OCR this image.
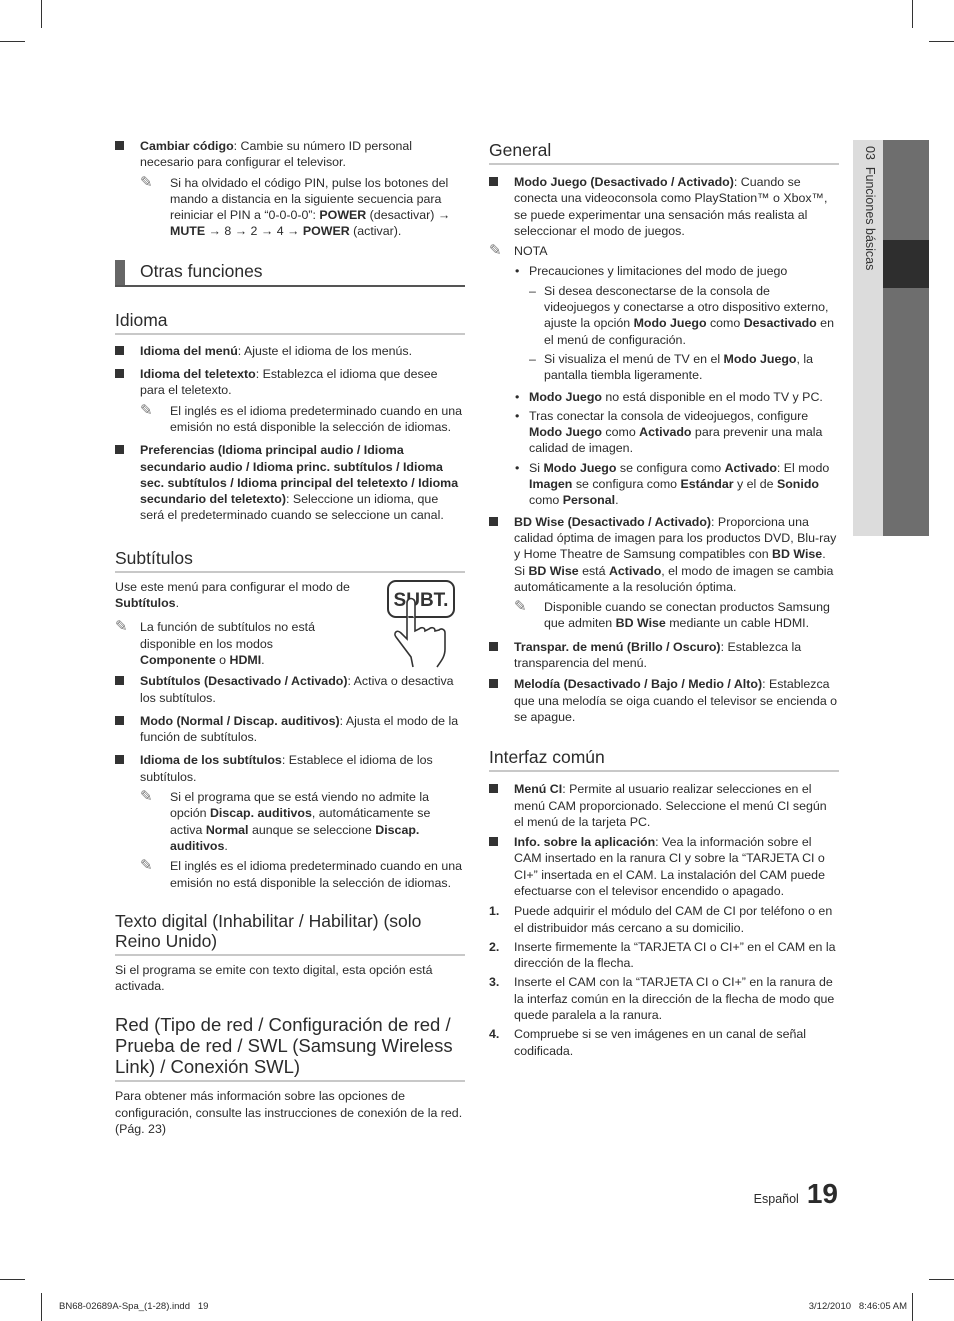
03  Funciones básicas
Cambiar código: Cambie su número ID personal necesario para configurar el televisor.
✎ Si ha olvidado el código PIN, pulse los botones del mando a distancia en la siguiente secuencia para reiniciar el PIN a “0-0-0-0”: POWER (desactivar) → MUTE → 8 → 2 → 4 → POWER (activar).
Otras funciones
Idioma
Idioma del menú: Ajuste el idioma de los menús.
Idioma del teletexto: Establezca el idioma que desee para el teletexto.
✎ El inglés es el idioma predeterminado cuando en una emisión no está disponible la selección de idiomas.
Preferencias (Idioma principal audio / Idioma secundario audio / Idioma princ. subtítulos / Idioma sec. subtítulos / Idioma principal del teletexto / Idioma secundario del teletexto): Seleccione un idioma, que será el predeterminado cuando se seleccione un canal.
Subtítulos
SUBT.
Use este menú para configurar el modo de Subtítulos.
✎ La función de subtítulos no está disponible en los modos Componente o HDMI.
Subtítulos (Desactivado / Activado): Activa o desactiva los subtítulos.
Modo (Normal / Discap. auditivos): Ajusta el modo de la función de subtítulos.
Idioma de los subtítulos: Establece el idioma de los subtítulos.
✎ Si el programa que se está viendo no admite la opción Discap. auditivos, automáticamente se activa Normal aunque se seleccione Discap. auditivos.
✎ El inglés es el idioma predeterminado cuando en una emisión no está disponible la selección de idiomas.
Texto digital (Inhabilitar / Habilitar) (solo Reino Unido)
Si el programa se emite con texto digital, esta opción está activada.
Red (Tipo de red / Configuración de red / Prueba de red / SWL (Samsung Wireless Link) / Conexión SWL)
Para obtener más información sobre las opciones de configuración, consulte las instrucciones de conexión de la red. (Pág. 23)
General
Modo Juego (Desactivado / Activado): Cuando se conecta una videoconsola como PlayStation™ o Xbox™, se puede experimentar una sensación más realista al seleccionar el modo de juegos.
✎ NOTA
• Precauciones y limitaciones del modo de juego
– Si desea desconectarse de la consola de videojuegos y conectarse a otro dispositivo externo, ajuste la opción Modo Juego como Desactivado en el menú de configuración.
– Si visualiza el menú de TV en el Modo Juego, la pantalla tiembla ligeramente.
• Modo Juego no está disponible en el modo TV y PC.
• Tras conectar la consola de videojuegos, configure Modo Juego como Activado para prevenir una mala calidad de imagen.
• Si Modo Juego se configura como Activado: El modo Imagen se configura como Estándar y el de Sonido como Personal.
BD Wise (Desactivado / Activado): Proporciona una calidad óptima de imagen para los productos DVD, Blu-ray y Home Theatre de Samsung compatibles con BD Wise. Si BD Wise está Activado, el modo de imagen se cambia automáticamente a la resolución óptima.
✎ Disponible cuando se conectan productos Samsung que admiten BD Wise mediante un cable HDMI.
Transpar. de menú (Brillo / Oscuro): Establezca la transparencia del menú.
Melodía (Desactivado / Bajo / Medio / Alto): Establezca que una melodía se oiga cuando el televisor se encienda o se apague.
Interfaz común
Menú CI: Permite al usuario realizar selecciones en el menú CAM proporcionado. Seleccione el menú CI según el menú de la tarjeta PC.
Info. sobre la aplicación: Vea la información sobre el CAM insertado en la ranura CI y sobre la “TARJETA CI o CI+” insertada en el CAM. La instalación del CAM puede efectuarse con el televisor encendido o apagado.
1. Puede adquirir el módulo del CAM de CI por teléfono o en el distribuidor más cercano a su domicilio.
2. Inserte firmemente la “TARJETA CI o CI+” en el CAM en la dirección de la flecha.
3. Inserte el CAM con la “TARJETA CI o CI+” en la ranura de la interfaz común en la dirección de la flecha de modo que quede paralela a la ranura.
4. Compruebe si se ven imágenes en un canal de señal codificada.
Español 19
BN68-02689A-Spa_(1-28).indd   19	3/12/2010   8:46:05 AM
